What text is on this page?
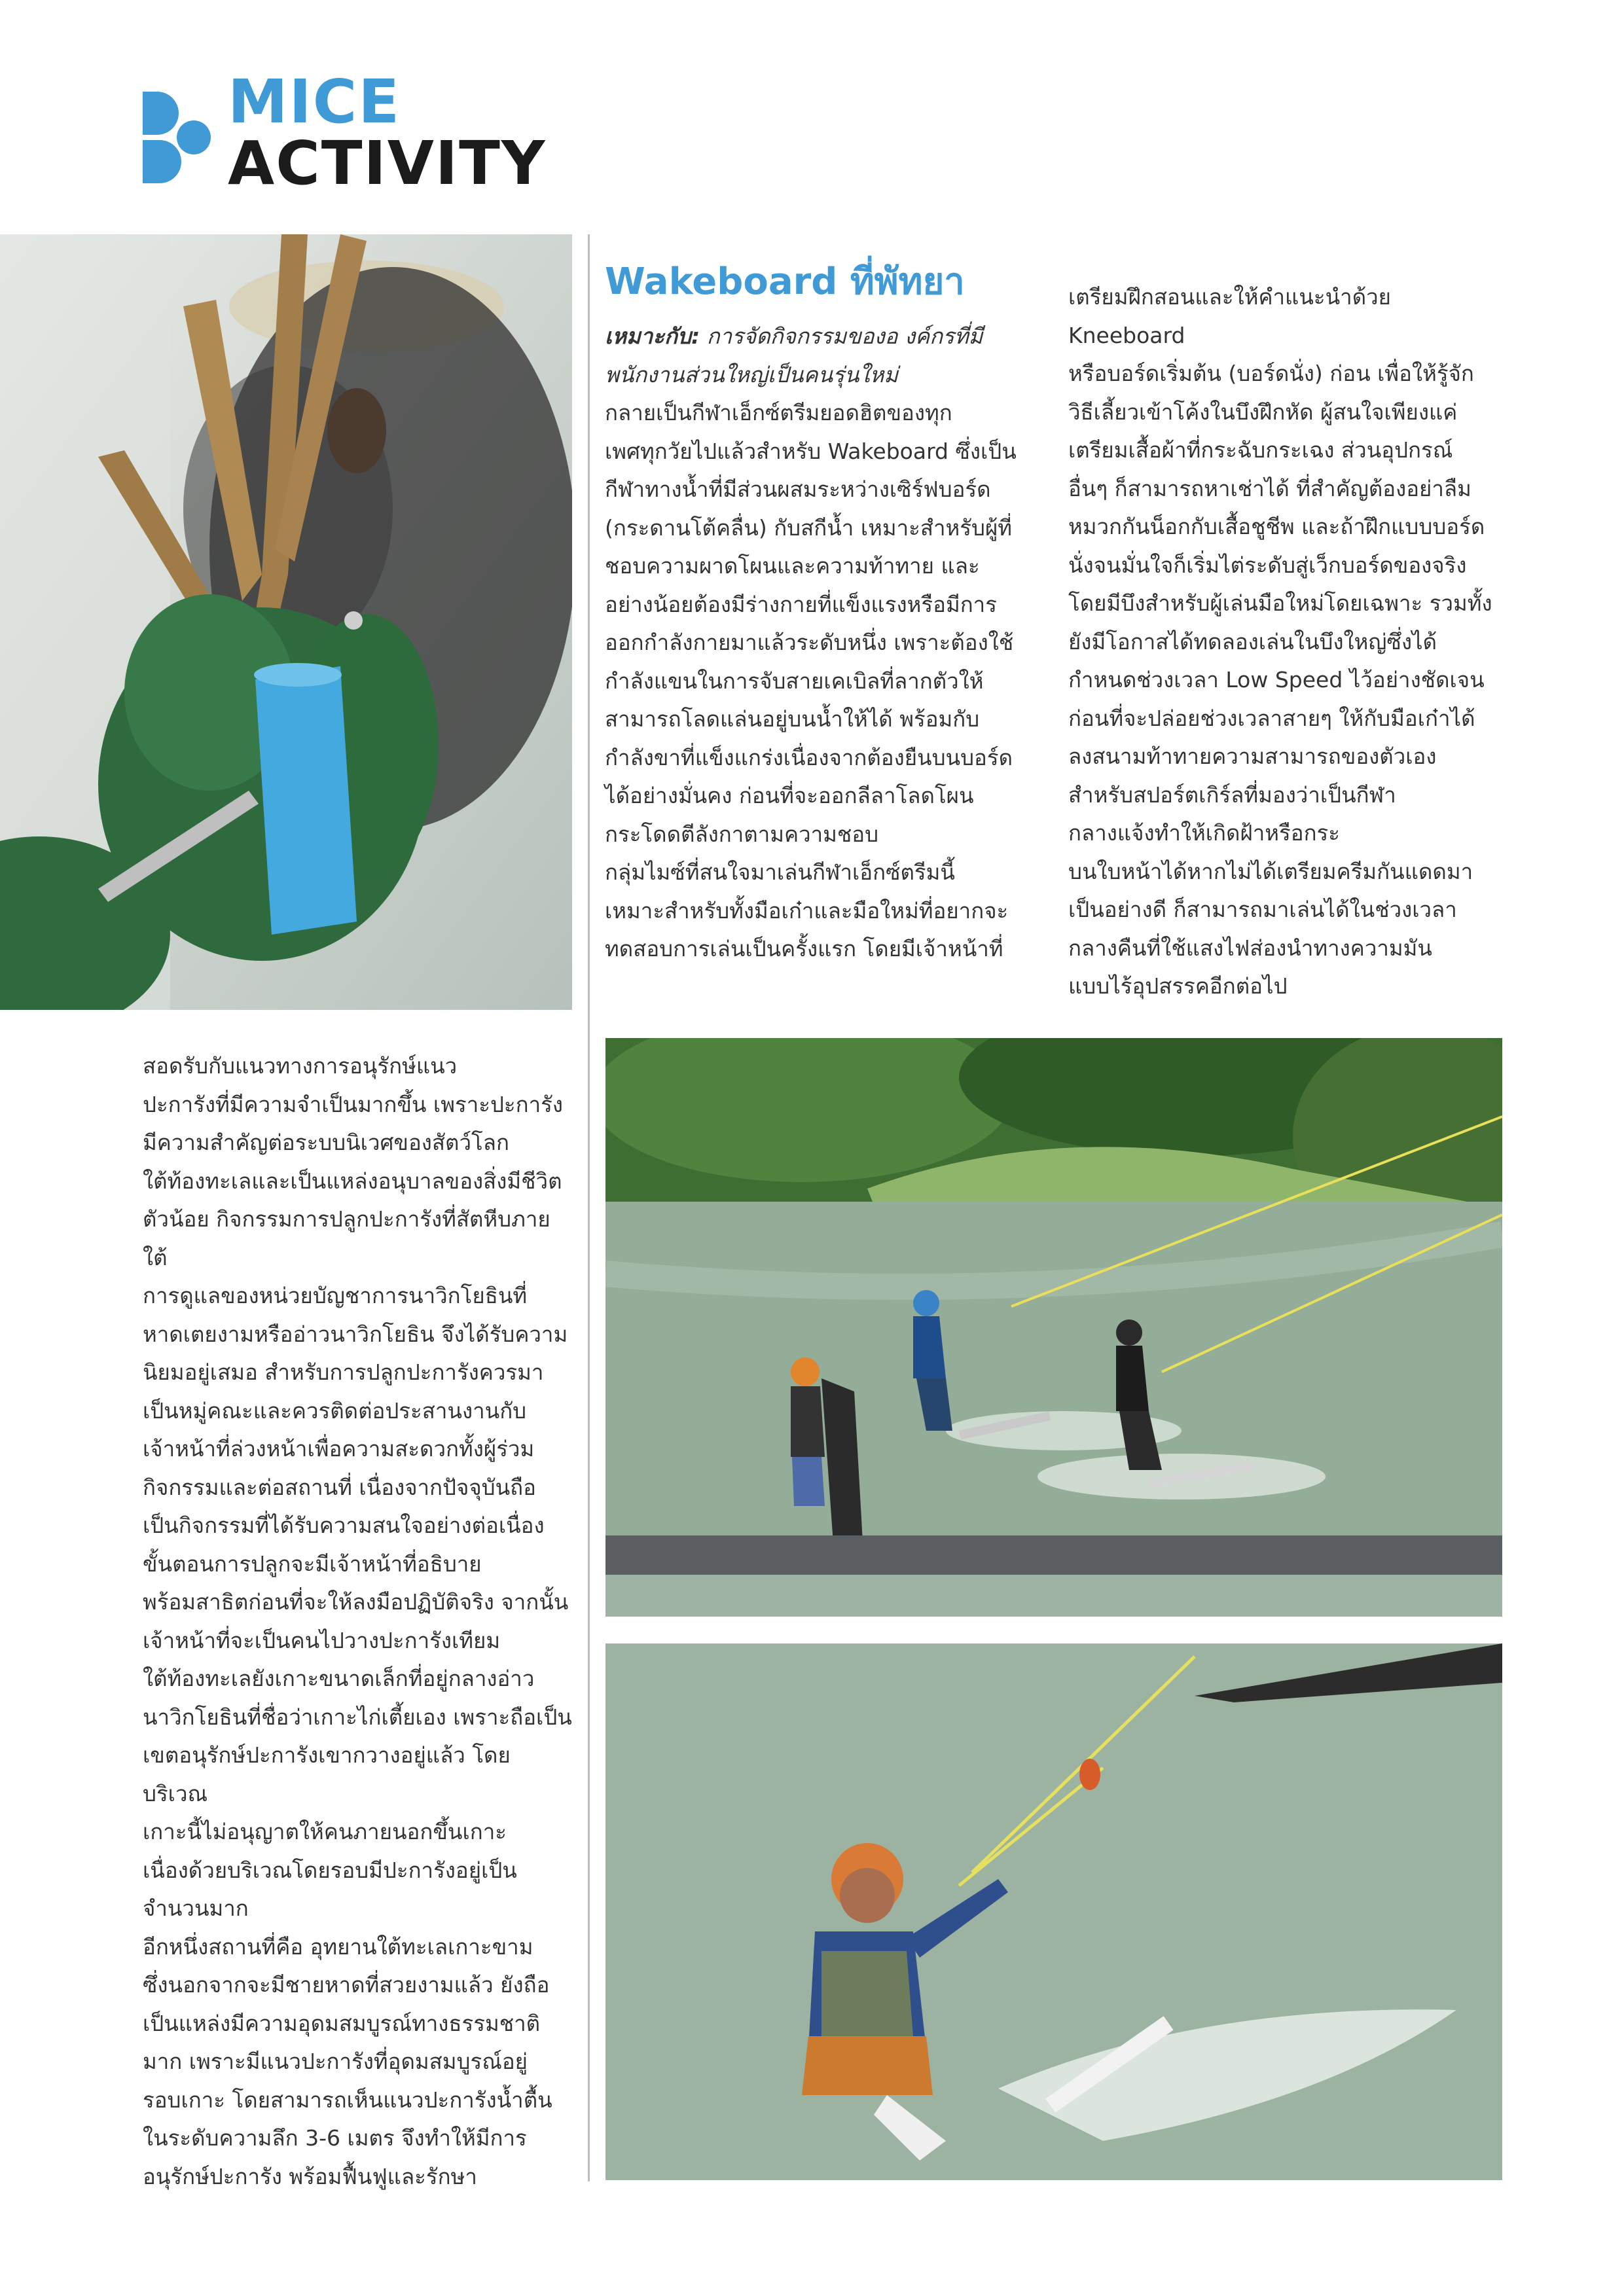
MICE
ACTIVITY
Wakeboard ที่พัทยา

เหมาะกับ: การจัดกิจกรรมของอ งค์กรที่มี
พนักงานส่วนใหญ่เป็นคนรุ่นใหม่

กลายเป็นกีฬาเอ็กซ์ตรีมยอดฮิตของทุก
เพศทุกวัยไปแล้วสำหรับ Wakeboard ซึ่งเป็น
กีฬาทางน้ำที่มีส่วนผสมระหว่างเซิร์ฟบอร์ด
(กระดานโต้คลื่น) กับสกีน้ำ เหมาะสำหรับผู้ที่
ชอบความผาดโผนและความท้าทาย และ
อย่างน้อยต้องมีร่างกายที่แข็งแรงหรือมีการ
ออกกำลังกายมาแล้วระดับหนึ่ง เพราะต้องใช้
กำลังแขนในการจับสายเคเบิลที่ลากตัวให้
สามารถโลดแล่นอยู่บนน้ำให้ได้ พร้อมกับ
กำลังขาที่แข็งแกร่งเนื่องจากต้องยืนบนบอร์ด
ได้อย่างมั่นคง ก่อนที่จะออกลีลาโลดโผน
กระโดดตีลังกาตามความชอบ

กลุ่มไมซ์ที่สนใจมาเล่นกีฬาเอ็กซ์ตรีมนี้
เหมาะสำหรับทั้งมือเก๋าและมือใหม่ที่อยากจะ
ทดสอบการเล่นเป็นครั้งแรก โดยมีเจ้าหน้าที่

เตรียมฝึกสอนและให้คำแนะนำด้วย Kneeboard
หรือบอร์ดเริ่มต้น (บอร์ดนั่ง) ก่อน เพื่อให้รู้จัก
วิธีเลี้ยวเข้าโค้งในบึงฝึกหัด ผู้สนใจเพียงแค่
เตรียมเสื้อผ้าที่กระฉับกระเฉง ส่วนอุปกรณ์
อื่นๆ ก็สามารถหาเช่าได้ ที่สำคัญต้องอย่าลืม
หมวกกันน็อกกับเสื้อชูชีพ และถ้าฝึกแบบบอร์ด
นั่งจนมั่นใจก็เริ่มไต่ระดับสู่เว็กบอร์ดของจริง
โดยมีบึงสำหรับผู้เล่นมือใหม่โดยเฉพาะ รวมทั้ง
ยังมีโอกาสได้ทดลองเล่นในบึงใหญ่ซึ่งได้
กำหนดช่วงเวลา Low Speed ไว้อย่างชัดเจน
ก่อนที่จะปล่อยช่วงเวลาสายๆ ให้กับมือเก๋าได้
ลงสนามท้าทายความสามารถของตัวเอง

สำหรับสปอร์ตเกิร์ลที่มองว่าเป็นกีฬา
กลางแจ้งทำให้เกิดฝ้าหรือกระ
บนใบหน้าได้หากไม่ได้เตรียมครีมกันแดดมา
เป็นอย่างดี ก็สามารถมาเล่นได้ในช่วงเวลา
กลางคืนที่ใช้แสงไฟส่องนำทางความมัน
แบบไร้อุปสรรคอีกต่อไป

สอดรับกับแนวทางการอนุรักษ์แนว
ปะการังที่มีความจำเป็นมากขึ้น เพราะปะการัง
มีความสำคัญต่อระบบนิเวศของสัตว์โลก
ใต้ท้องทะเลและเป็นแหล่งอนุบาลของสิ่งมีชีวิต
ตัวน้อย กิจกรรมการปลูกปะการังที่สัตหีบภายใต้
การดูแลของหน่วยบัญชาการนาวิกโยธินที่
หาดเตยงามหรืออ่าวนาวิกโยธิน จึงได้รับความ
นิยมอยู่เสมอ สำหรับการปลูกปะการังควรมา
เป็นหมู่คณะและควรติดต่อประสานงานกับ
เจ้าหน้าที่ล่วงหน้าเพื่อความสะดวกทั้งผู้ร่วม
กิจกรรมและต่อสถานที่ เนื่องจากปัจจุบันถือ
เป็นกิจกรรมที่ได้รับความสนใจอย่างต่อเนื่อง

ขั้นตอนการปลูกจะมีเจ้าหน้าที่อธิบาย
พร้อมสาธิตก่อนที่จะให้ลงมือปฏิบัติจริง จากนั้น
เจ้าหน้าที่จะเป็นคนไปวางปะการังเทียม
ใต้ท้องทะเลยังเกาะขนาดเล็กที่อยู่กลางอ่าว
นาวิกโยธินที่ชื่อว่าเกาะไก่เตี้ยเอง เพราะถือเป็น
เขตอนุรักษ์ปะการังเขากวางอยู่แล้ว โดยบริเวณ
เกาะนี้ไม่อนุญาตให้คนภายนอกขึ้นเกาะ
เนื่องด้วยบริเวณโดยรอบมีปะการังอยู่เป็น
จำนวนมาก

อีกหนึ่งสถานที่คือ อุทยานใต้ทะเลเกาะขาม
ซึ่งนอกจากจะมีชายหาดที่สวยงามแล้ว ยังถือ
เป็นแหล่งมีความอุดมสมบูรณ์ทางธรรมชาติ
มาก เพราะมีแนวปะการังที่อุดมสมบูรณ์อยู่
รอบเกาะ โดยสามารถเห็นแนวปะการังน้ำตื้น
ในระดับความลึก 3-6 เมตร จึงทำให้มีการ
อนุรักษ์ปะการัง พร้อมฟื้นฟูและรักษา
